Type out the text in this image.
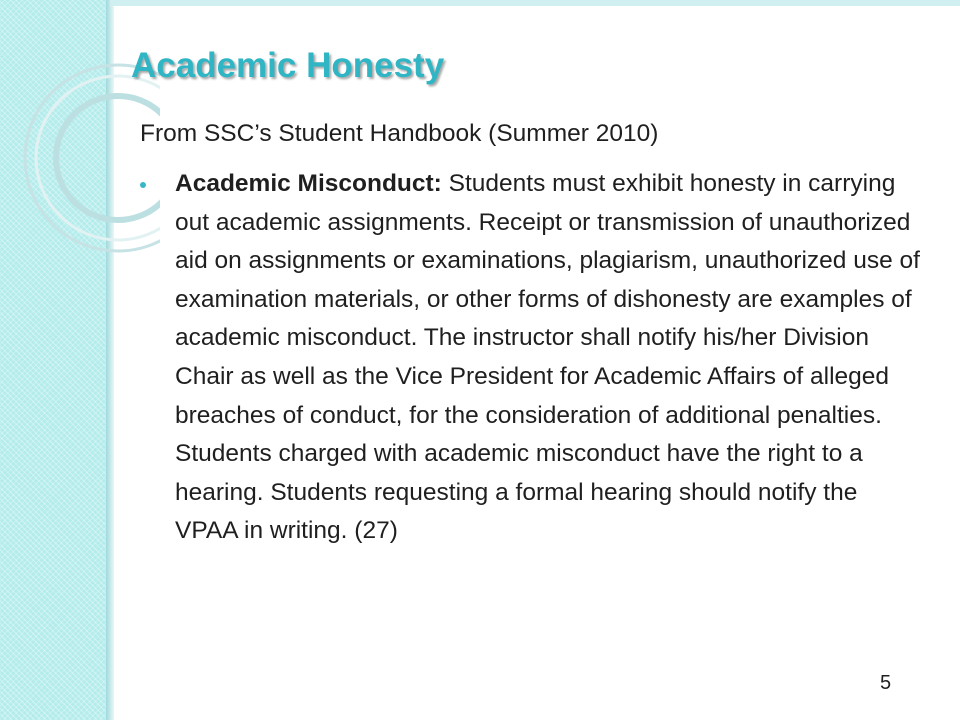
Academic Honesty

From SSC’s Student Handbook (Summer 2010)

Academic Misconduct: Students must exhibit honesty in carrying out academic assignments. Receipt or transmission of unauthorized aid on assignments or examinations, plagiarism, unauthorized use of examination materials, or other forms of dishonesty are examples of academic misconduct. The instructor shall notify his/her Division Chair as well as the Vice President for Academic Affairs of alleged breaches of conduct, for the consideration of additional penalties. Students charged with academic misconduct have the right to a hearing. Students requesting a formal hearing should notify the VPAA in writing. (27)

5
